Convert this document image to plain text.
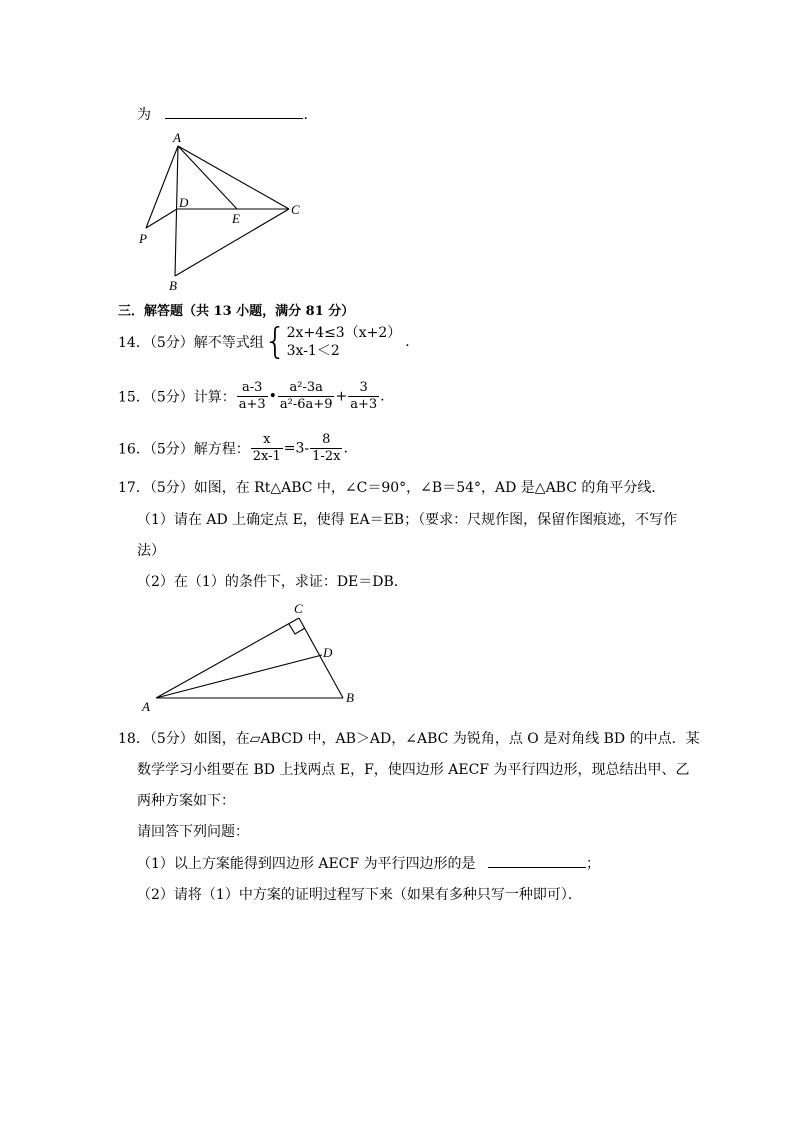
为	.
A
D
E
C
P
B
三．解答题（共 13 小题，满分 81 分）
14．（5分）解不等式组{ 2x+4≤3（x+2）
3x-1＜2
.
15．（5分）计算： $\frac{a-3}{a+3}$ • $\frac{\text{a²-3a}}{\text{a²-6a+9}} + \frac{3}{a+3}$ .
16．（5分）解方程： $\frac{x}{2x-1} =3- \frac{8}{1-2x}$ .
17．（5分）如图，在 Rt△ABC 中，∠C＝90°，∠B＝54°，AD 是△ABC 的角平分线．
（1）请在 AD 上确定点 E，使得 EA＝EB；（要求：尺规作图，保留作图痕迹，不写作
法）
（2）在（1）的条件下，求证：DE＝DB．
C
D
A
B
18．（5分）如图，在▱ABCD 中，AB＞AD，∠ABC 为锐角，点 O 是对角线 BD 的中点．某
数学学习小组要在 BD 上找两点 E，F，使四边形 AECF 为平行四边形，现总结出甲、乙
两种方案如下：
请回答下列问题：
（1）以上方案能得到四边形 AECF 为平行四边形的是	；
（2）请将（1）中方案的证明过程写下来（如果有多种只写一种即可）．
